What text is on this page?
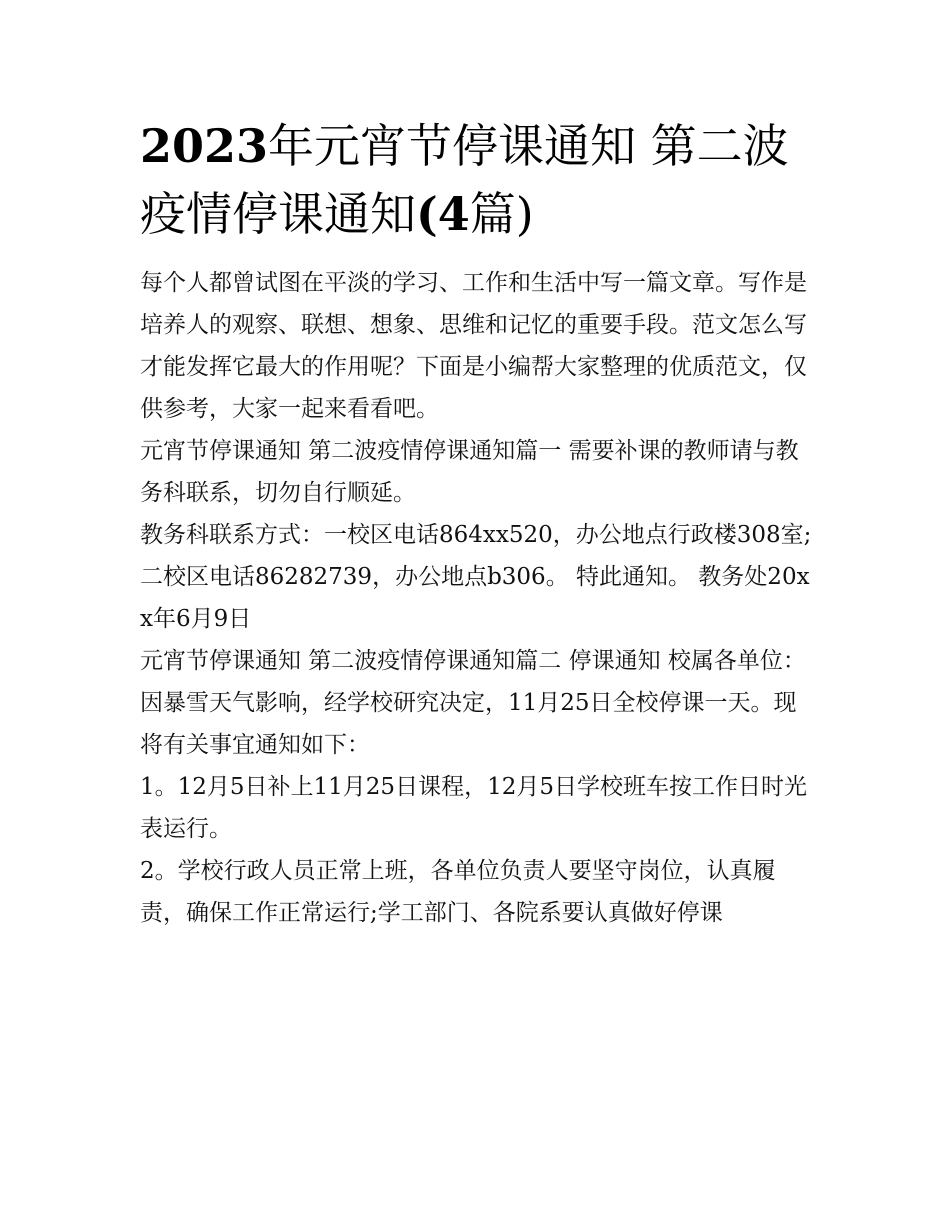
2023年元宵节停课通知 第二波疫情停课通知(4篇)

每个人都曾试图在平淡的学习、工作和生活中写一篇文章。写作是培养人的观察、联想、想象、思维和记忆的重要手段。范文怎么写才能发挥它最大的作用呢？下面是小编帮大家整理的优质范文，仅供参考，大家一起来看看吧。

元宵节停课通知 第二波疫情停课通知篇一 需要补课的教师请与教务科联系，切勿自行顺延。

教务科联系方式：一校区电话864xx520，办公地点行政楼308室;二校区电话86282739，办公地点b306。 特此通知。 教务处20xx年6月9日

元宵节停课通知 第二波疫情停课通知篇二 停课通知 校属各单位： 因暴雪天气影响，经学校研究决定，11月25日全校停课一天。现将有关事宜通知如下：

1。12月5日补上11月25日课程，12月5日学校班车按工作日时光表运行。

2。学校行政人员正常上班，各单位负责人要坚守岗位，认真履责，确保工作正常运行;学工部门、各院系要认真做好停课
